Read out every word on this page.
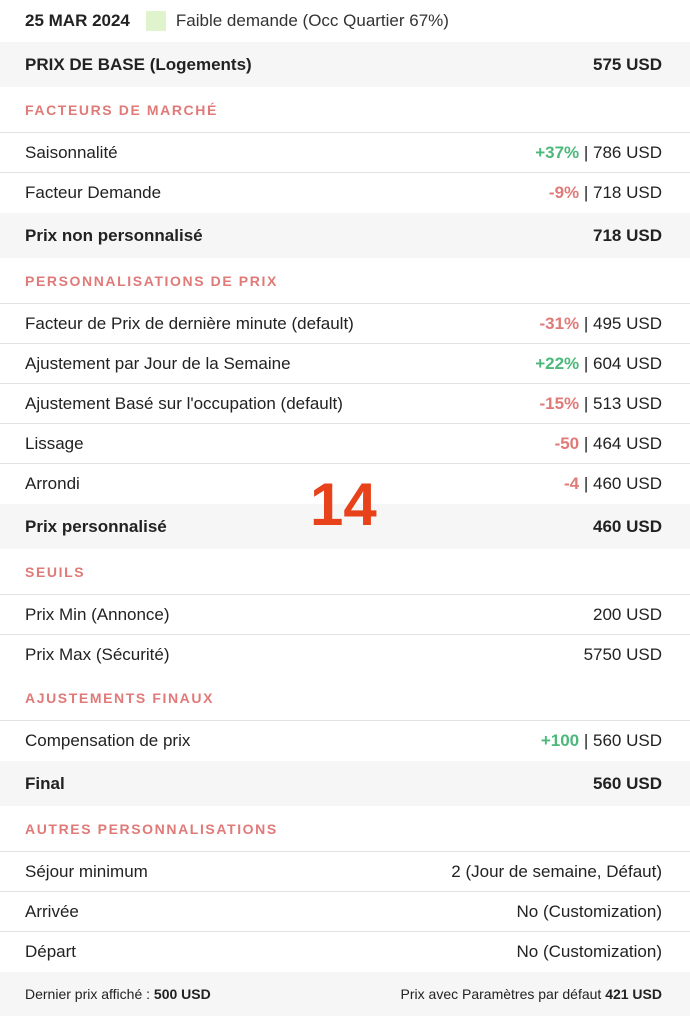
25 MAR 2024	Faible demande (Occ Quartier 67%)
PRIX DE BASE (Logements)	575 USD
FACTEURS DE MARCHÉ
Saisonnalité	+37% | 786 USD
Facteur Demande	-9% | 718 USD
Prix non personnalisé	718 USD
PERSONNALISATIONS DE PRIX
Facteur de Prix de dernière minute (default)	-31% | 495 USD
Ajustement par Jour de la Semaine	+22% | 604 USD
Ajustement Basé sur l'occupation (default)	-15% | 513 USD
Lissage	-50 | 464 USD
Arrondi	-4 | 460 USD
Prix personnalisé	460 USD
SEUILS
Prix Min (Annonce)	200 USD
Prix Max (Sécurité)	5750 USD
AJUSTEMENTS FINAUX
Compensation de prix	+100 | 560 USD
Final	560 USD
AUTRES PERSONNALISATIONS
Séjour minimum	2 (Jour de semaine, Défaut)
Arrivée	No (Customization)
Départ	No (Customization)
Dernier prix affiché : 500 USD	Prix avec Paramètres par défaut 421 USD
14
